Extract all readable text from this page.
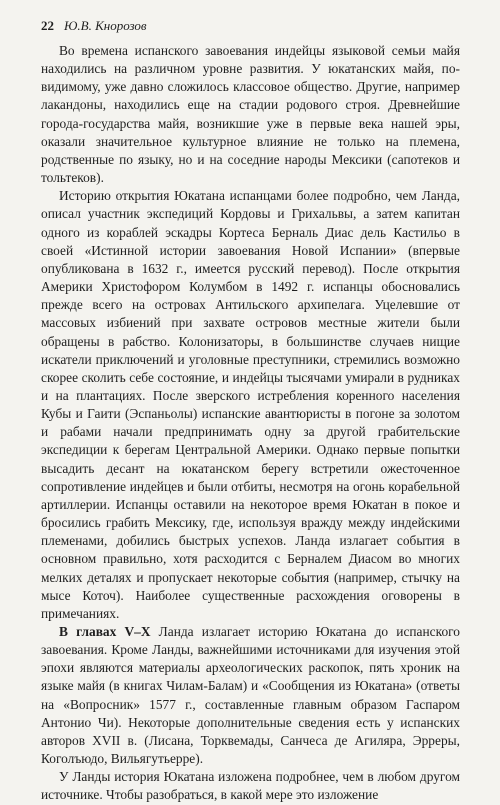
22 Ю.В. Кнорозов

Во времена испанского завоевания индейцы языковой семьи майя находились на различном уровне развития. У юкатанских майя, по-видимому, уже давно сложилось классовое общество. Другие, например лакандоны, находились еще на стадии родового строя. Древнейшие города-государства майя, возникшие уже в первые века нашей эры, оказали значительное культурное влияние не только на племена, родственные по языку, но и на соседние народы Мексики (сапотеков и тольтеков).

Историю открытия Юкатана испанцами более подробно, чем Ланда, описал участник экспедиций Кордовы и Грихальвы, а затем капитан одного из кораблей эскадры Кортеса Берналь Диас дель Кастильо в своей «Истинной истории завоевания Новой Испании» (впервые опубликована в 1632 г., имеется русский перевод). После открытия Америки Христофором Колумбом в 1492 г. испанцы обосновались прежде всего на островах Антильского архипелага. Уцелевшие от массовых избиений при захвате островов местные жители были обращены в рабство. Колонизаторы, в большинстве случаев нищие искатели приключений и уголовные преступники, стремились возможно скорее сколить себе состояние, и индейцы тысячами умирали в рудниках и на плантациях. После зверского истребления коренного населения Кубы и Гаити (Эспаньолы) испанские авантюристы в погоне за золотом и рабами начали предпринимать одну за другой грабительские экспедиции к берегам Центральной Америки. Однако первые попытки высадить десант на юкатанском берегу встретили ожесточенное сопротивление индейцев и были отбиты, несмотря на огонь корабельной артиллерии. Испанцы оставили на некоторое время Юкатан в покое и бросились грабить Мексику, где, используя вражду между индейскими племенами, добились быстрых успехов. Ланда излагает события в основном правильно, хотя расходится с Берналем Диасом во многих мелких деталях и пропускает некоторые события (например, стычку на мысе Коточ). Наиболее существенные расхождения оговорены в примечаниях.

В главах V–X Ланда излагает историю Юкатана до испанского завоевания. Кроме Ланды, важнейшими источниками для изучения этой эпохи являются материалы археологических раскопок, пять хроник на языке майя (в книгах Чилам-Балам) и «Сообщения из Юкатана» (ответы на «Вопросник» 1577 г., составленные главным образом Гаспаром Антонио Чи). Некоторые дополнительные сведения есть у испанских авторов XVII в. (Лисана, Торквемады, Санчеса де Агиляра, Эрреры, Коголъюдо, Вильягутьерре).

У Ланды история Юкатана изложена подробнее, чем в любом другом источнике. Чтобы разобраться, в какой мере это изложение
